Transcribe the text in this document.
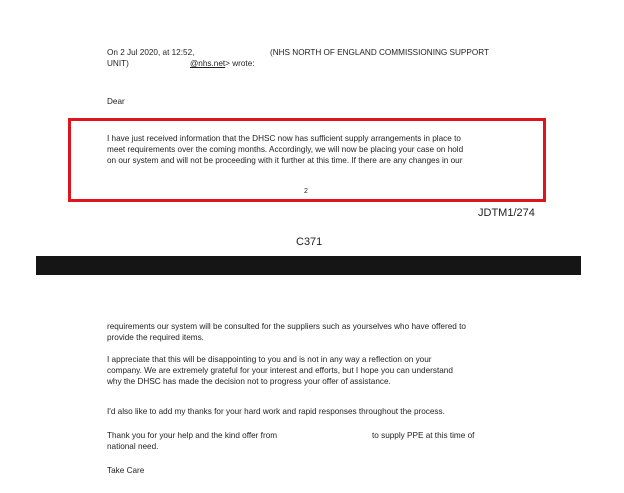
On 2 Jul 2020, at 12:52,	(NHS NORTH OF ENGLAND COMMISSIONING SUPPORT
UNIT)	@nhs.net> wrote:
Dear
I have just received information that the DHSC now has sufficient supply arrangements in place to
meet requirements over the coming months. Accordingly, we will now be placing your case on hold
on our system and will not be proceeding with it further at this time. If there are any changes in our
2
JDTM1/274
C371
requirements our system will be consulted for the suppliers such as yourselves who have offered to
provide the required items.
I appreciate that this will be disappointing to you and is not in any way a reflection on your
company. We are extremely grateful for your interest and efforts, but I hope you can understand
why the DHSC has made the decision not to progress your offer of assistance.
I'd also like to add my thanks for your hard work and rapid responses throughout the process.
Thank you for your help and the kind offer from	to supply PPE at this time of
national need.
Take Care
